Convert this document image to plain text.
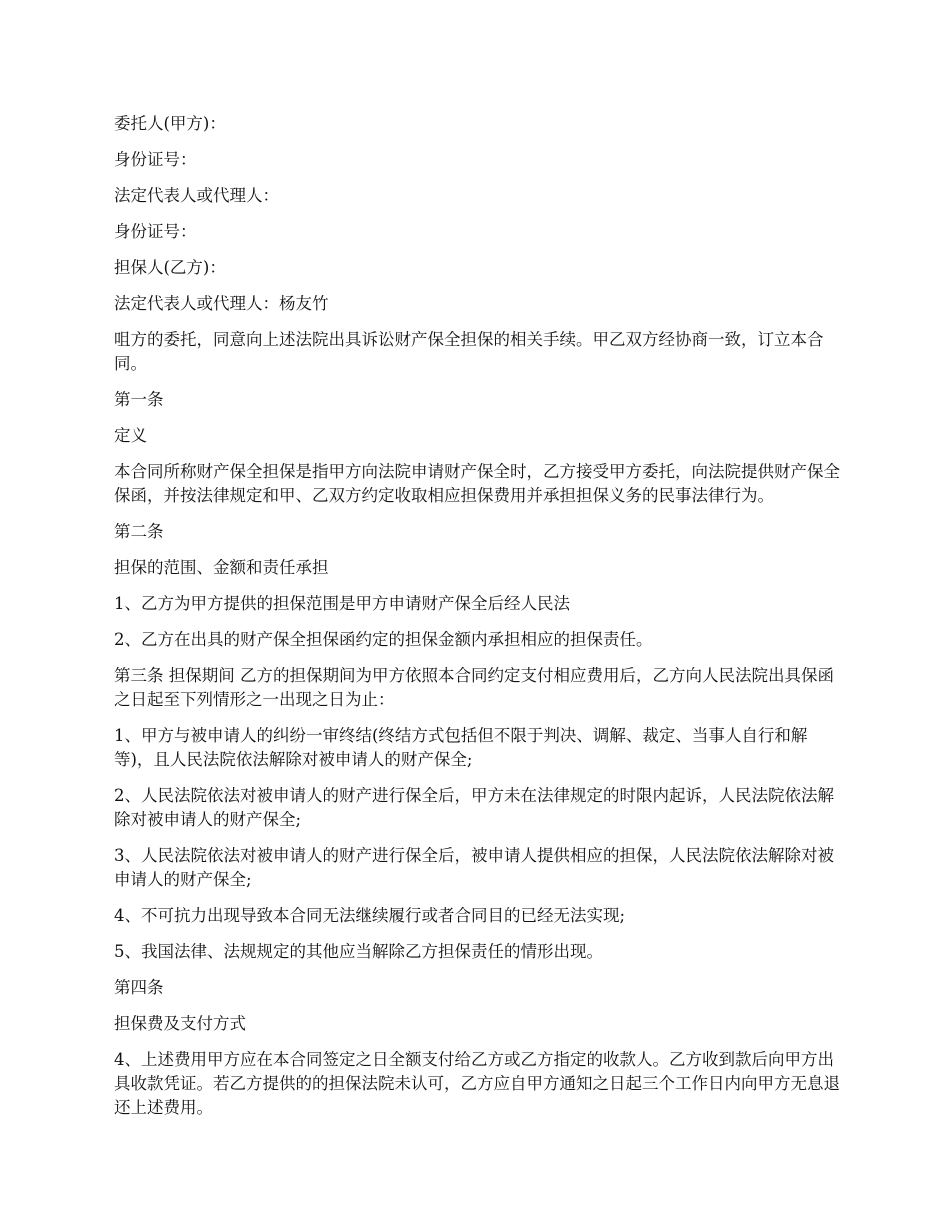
委托人(甲方)：

身份证号：

法定代表人或代理人：

身份证号：

担保人(乙方)：

法定代表人或代理人：杨友竹

咀方的委托，同意向上述法院出具诉讼财产保全担保的相关手续。甲乙双方经协商一致，订立本合同。

第一条

定义

本合同所称财产保全担保是指甲方向法院申请财产保全时，乙方接受甲方委托，向法院提供财产保全保函，并按法律规定和甲、乙双方约定收取相应担保费用并承担担保义务的民事法律行为。

第二条

担保的范围、金额和责任承担

1、乙方为甲方提供的担保范围是甲方申请财产保全后经人民法

2、乙方在出具的财产保全担保函约定的担保金额内承担相应的担保责任。

第三条 担保期间 乙方的担保期间为甲方依照本合同约定支付相应费用后，乙方向人民法院出具保函之日起至下列情形之一出现之日为止：

1、甲方与被申请人的纠纷一审终结(终结方式包括但不限于判决、调解、裁定、当事人自行和解等)，且人民法院依法解除对被申请人的财产保全;

2、人民法院依法对被申请人的财产进行保全后，甲方未在法律规定的时限内起诉，人民法院依法解除对被申请人的财产保全;

3、人民法院依法对被申请人的财产进行保全后，被申请人提供相应的担保，人民法院依法解除对被申请人的财产保全;

4、不可抗力出现导致本合同无法继续履行或者合同目的已经无法实现;

5、我国法律、法规规定的其他应当解除乙方担保责任的情形出现。

第四条

担保费及支付方式

4、上述费用甲方应在本合同签定之日全额支付给乙方或乙方指定的收款人。乙方收到款后向甲方出具收款凭证。若乙方提供的的担保法院未认可，乙方应自甲方通知之日起三个工作日内向甲方无息退还上述费用。
